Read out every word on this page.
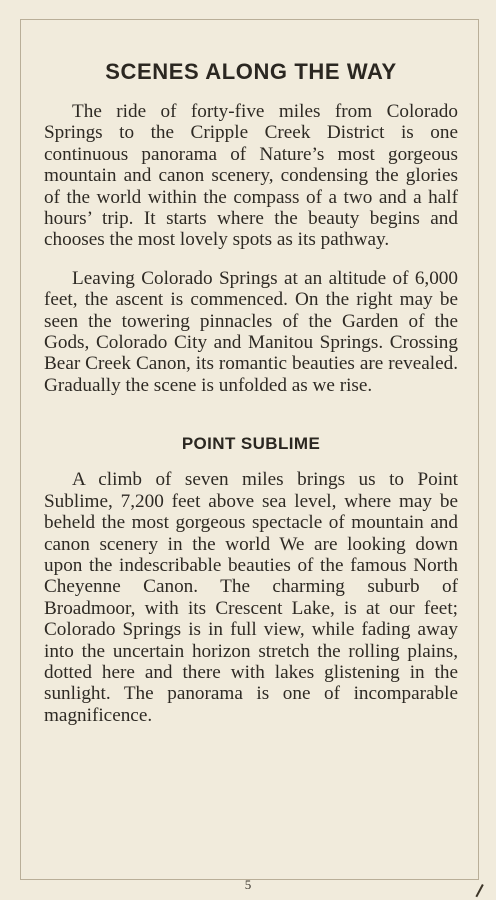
SCENES ALONG THE WAY

The ride of forty-five miles from Colorado Springs to the Cripple Creek District is one continuous panorama of Nature’s most gorgeous mountain and canon scenery, condensing the glories of the world within the compass of a two and a half hours’ trip. It starts where the beauty begins and chooses the most lovely spots as its pathway.

Leaving Colorado Springs at an altitude of 6,000 feet, the ascent is commenced. On the right may be seen the towering pinnacles of the Garden of the Gods, Colorado City and Manitou Springs. Crossing Bear Creek Canon, its romantic beauties are revealed. Gradually the scene is unfolded as we rise.

POINT SUBLIME

A climb of seven miles brings us to Point Sublime, 7,200 feet above sea level, where may be beheld the most gorgeous spectacle of mountain and canon scenery in the world We are looking down upon the indescribable beauties of the famous North Cheyenne Canon. The charming suburb of Broadmoor, with its Crescent Lake, is at our feet; Colorado Springs is in full view, while fading away into the uncertain horizon stretch the rolling plains, dotted here and there with lakes glistening in the sunlight. The panorama is one of incomparable magnificence.

5
